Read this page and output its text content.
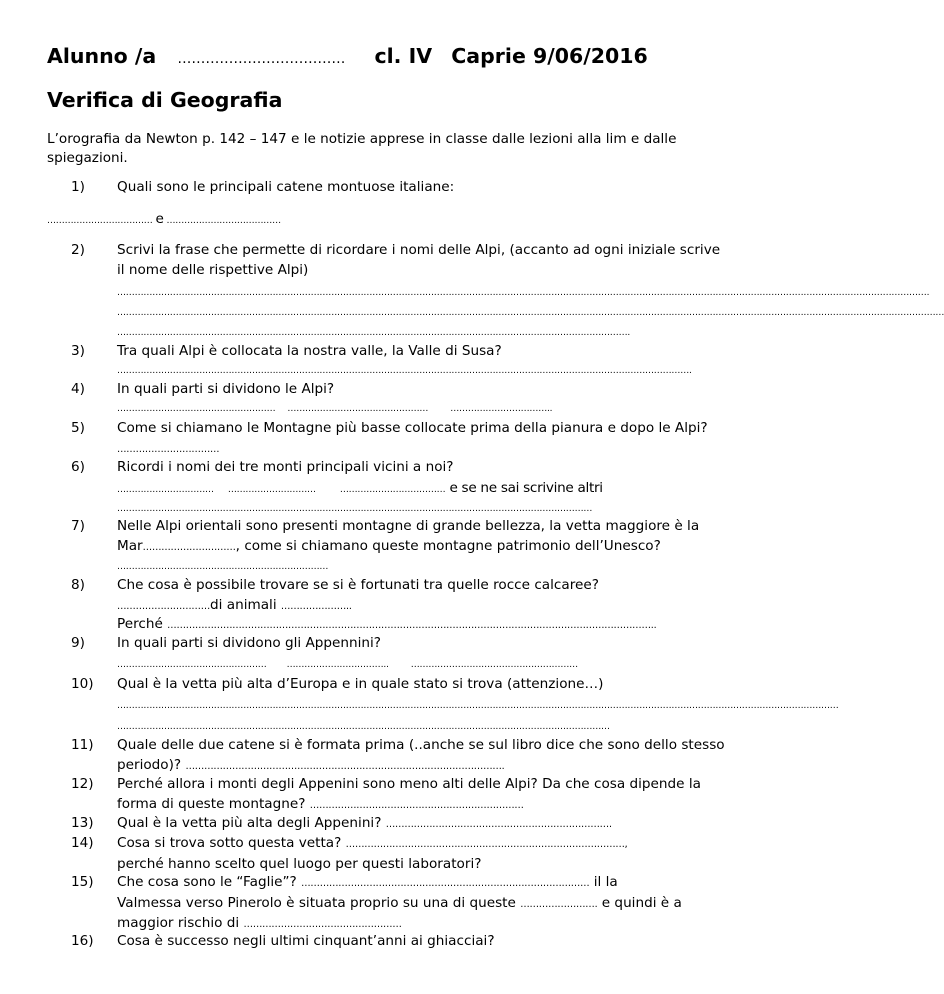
Alunno /a ……………………………… cl. IV Caprie 9/06/2016
Verifica di Geografia
L’orografia da Newton p. 142 – 147 e le notizie apprese in classe dalle lezioni alla lim e dalle spiegazioni.
1)	Quali sono le principali catene montuose italiane:
……………………………… e …………………………………
2)	Scrivi la frase che permette di ricordare i nomi delle Alpi, (accanto ad ogni iniziale scrive il nome delle rispettive Alpi)
…………………………………………………………………………………………………………………………………………………………………………………………………………………………………………………….
…………………………………………………………………………………………………………………………………………………………………………………………………………………………………………………………
………………………………………………………………………………………………………………………………………………………….
3)	Tra quali Alpi è collocata la nostra valle, la Valle di Susa?
…………………………………………………………………………………………………………………………………………………………………………….
4)	In quali parti si dividono le Alpi?
……………………………………………… ………………………………………… ……………………………..
5)	Come si chiamano le Montagne più basse collocate prima della pianura e dopo le Alpi? ……………………………
6)	Ricordi i nomi dei tre monti principali vicini a noi?
…………………………… …………………………	……………………………… e se ne sai scrivine altri
………………………………………………………………………………………………………………………………………………
7)	Nelle Alpi orientali sono presenti montagne di grande bellezza, la vetta maggiore è la Mar…………………………, come si chiamano queste montagne patrimonio dell’Unesco?
………………………………………………………………
8)	Che cosa è possibile trovare se si è fortunati tra quelle rocce calcaree?
…………………………di animali …………………..
Perché …………………………………………………………………………………………………………………………………………..
9)	In quali parti si dividono gli Appennini?
…………………………………………… …………………………….. …………………………………………………
10)	Qual è la vetta più alta d’Europa e in quale stato si trova (attenzione…)
…………………………………………………………………………………………………………………………………………………………………………………………………………………………
……………………………………………………………………………………………………………………………………………………
11)	Quale delle due catene si è formata prima (..anche se sul libro dice che sono dello stesso periodo)? ………………………………………………………………………………………….
12)	Perché allora i monti degli Appenini sono meno alti delle Alpi? Da che cosa dipende la forma di queste montagne? ……………………………………………………………
13)	Qual è la vetta più alta degli Appenini? ……………………………………………………………….
14)	Cosa si trova sotto questa vetta? ………………………………………………………………………………,
perché hanno scelto quel luogo per questi laboratori?
15)	Che cosa sono le “Faglie”? ………………………………………………………………………………… il la
Valmessa verso Pinerolo è situata proprio su una di queste ……………………. e quindi è a
maggior rischio di ……………………………………………
16)	Cosa è successo negli ultimi cinquant’anni ai ghiacciai?
